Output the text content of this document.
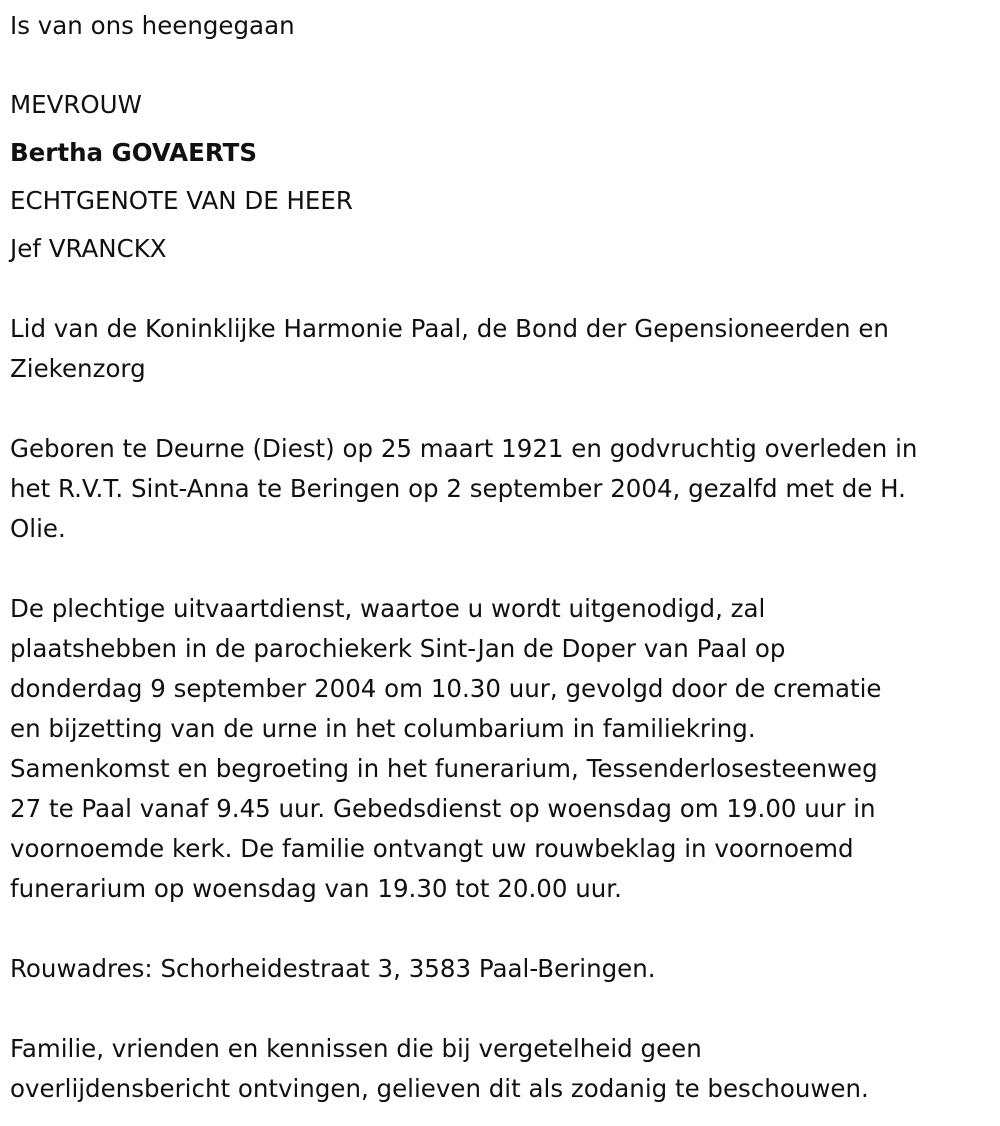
Is van ons heengegaan
MEVROUW
Bertha GOVAERTS
ECHTGENOTE VAN DE HEER
Jef VRANCKX
Lid van de Koninklijke Harmonie Paal, de Bond der Gepensioneerden en
Ziekenzorg
Geboren te Deurne (Diest) op 25 maart 1921 en godvruchtig overleden in
het R.V.T. Sint-Anna te Beringen op 2 september 2004, gezalfd met de H.
Olie.
De plechtige uitvaartdienst, waartoe u wordt uitgenodigd, zal
plaatshebben in de parochiekerk Sint-Jan de Doper van Paal op
donderdag 9 september 2004 om 10.30 uur, gevolgd door de crematie
en bijzetting van de urne in het columbarium in familiekring.
Samenkomst en begroeting in het funerarium, Tessenderlosesteenweg
27 te Paal vanaf 9.45 uur. Gebedsdienst op woensdag om 19.00 uur in
voornoemde kerk. De familie ontvangt uw rouwbeklag in voornoemd
funerarium op woensdag van 19.30 tot 20.00 uur.
Rouwadres: Schorheidestraat 3, 3583 Paal-Beringen.
Familie, vrienden en kennissen die bij vergetelheid geen
overlijdensbericht ontvingen, gelieven dit als zodanig te beschouwen.
